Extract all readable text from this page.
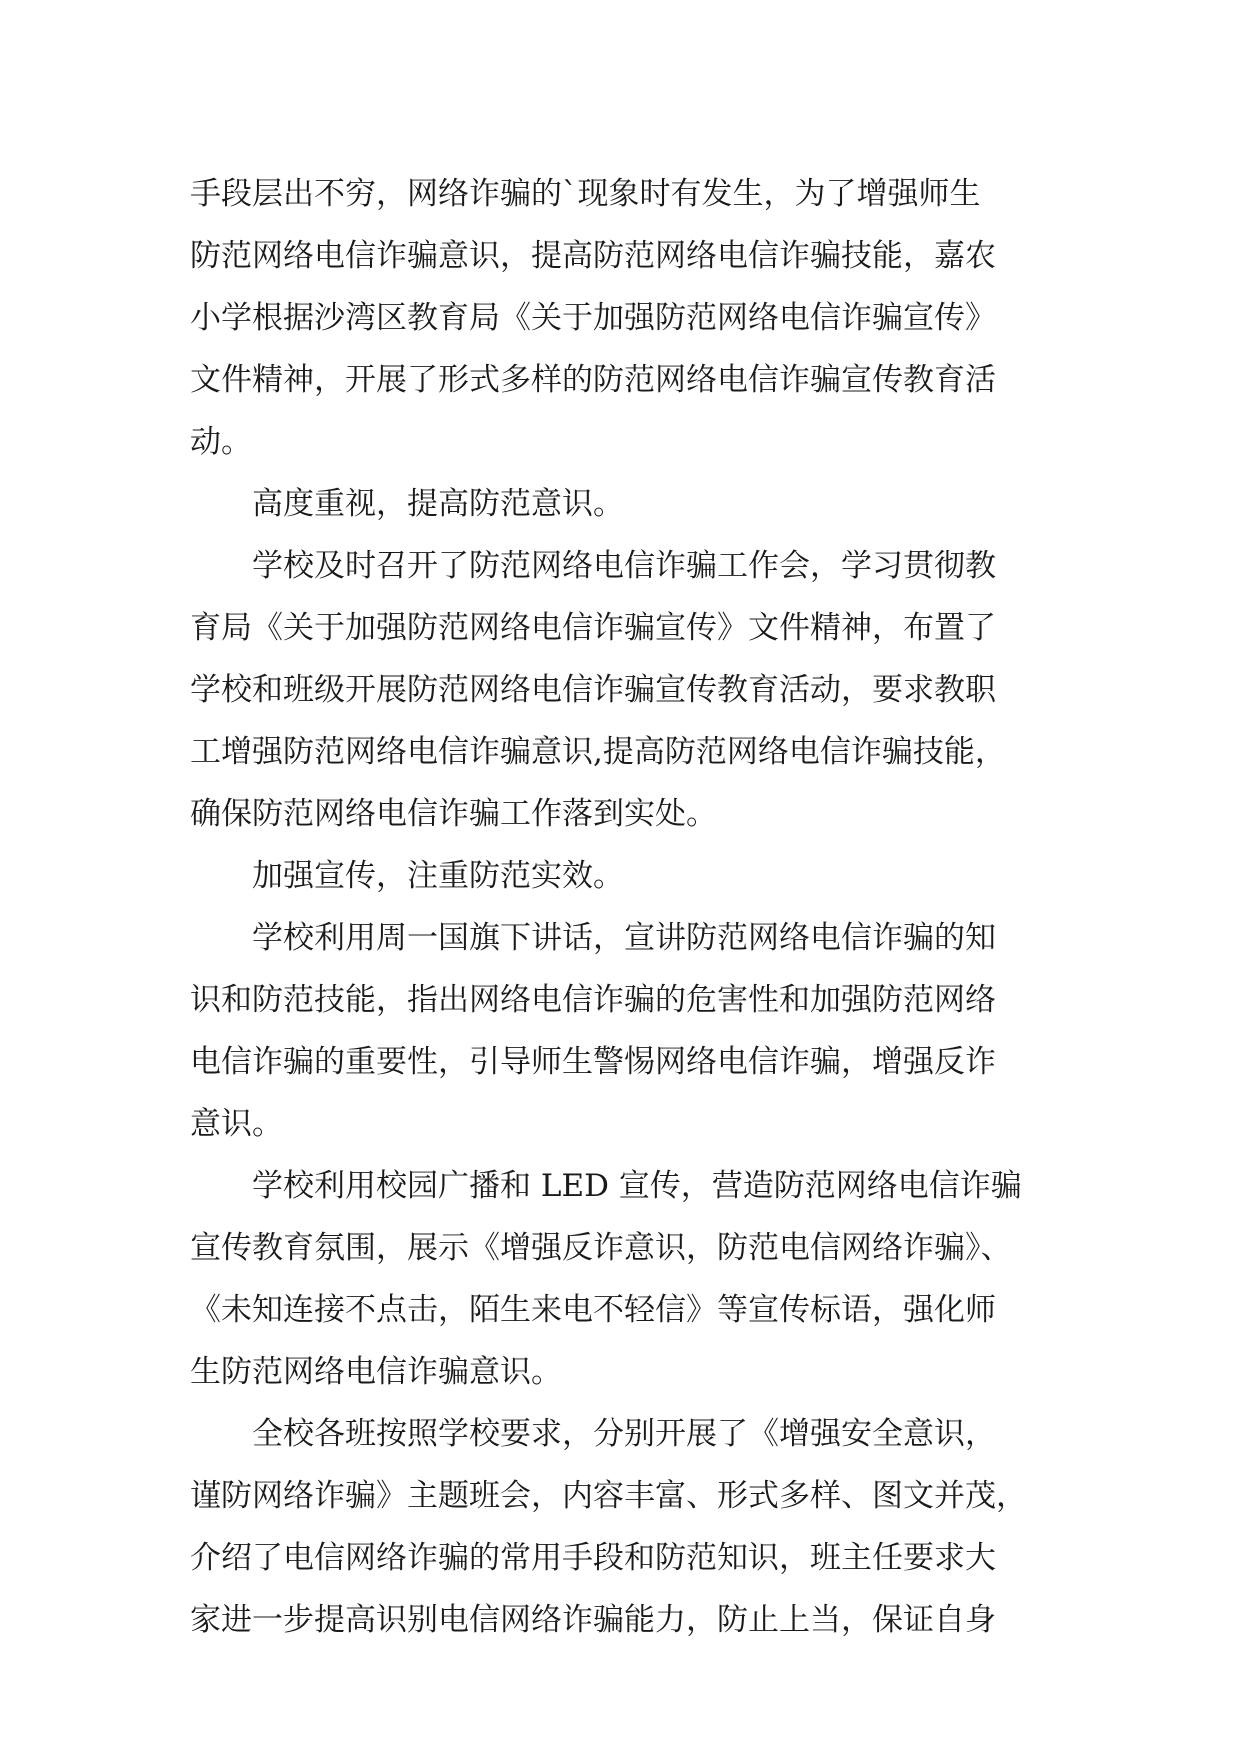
手段层出不穷，网络诈骗的`现象时有发生，为了增强师生
防范网络电信诈骗意识，提高防范网络电信诈骗技能，嘉农
小学根据沙湾区教育局《关于加强防范网络电信诈骗宣传》
文件精神，开展了形式多样的防范网络电信诈骗宣传教育活
动。
高度重视，提高防范意识。
学校及时召开了防范网络电信诈骗工作会，学习贯彻教
育局《关于加强防范网络电信诈骗宣传》文件精神，布置了
学校和班级开展防范网络电信诈骗宣传教育活动，要求教职
工增强防范网络电信诈骗意识,提高防范网络电信诈骗技能，
确保防范网络电信诈骗工作落到实处。
加强宣传，注重防范实效。
学校利用周一国旗下讲话，宣讲防范网络电信诈骗的知
识和防范技能，指出网络电信诈骗的危害性和加强防范网络
电信诈骗的重要性，引导师生警惕网络电信诈骗，增强反诈
意识。
学校利用校园广播和 LED 宣传，营造防范网络电信诈骗
宣传教育氛围，展示《增强反诈意识，防范电信网络诈骗》、
《未知连接不点击，陌生来电不轻信》等宣传标语，强化师
生防范网络电信诈骗意识。
全校各班按照学校要求，分别开展了《增强安全意识，
谨防网络诈骗》主题班会，内容丰富、形式多样、图文并茂，
介绍了电信网络诈骗的常用手段和防范知识，班主任要求大
家进一步提高识别电信网络诈骗能力，防止上当，保证自身
